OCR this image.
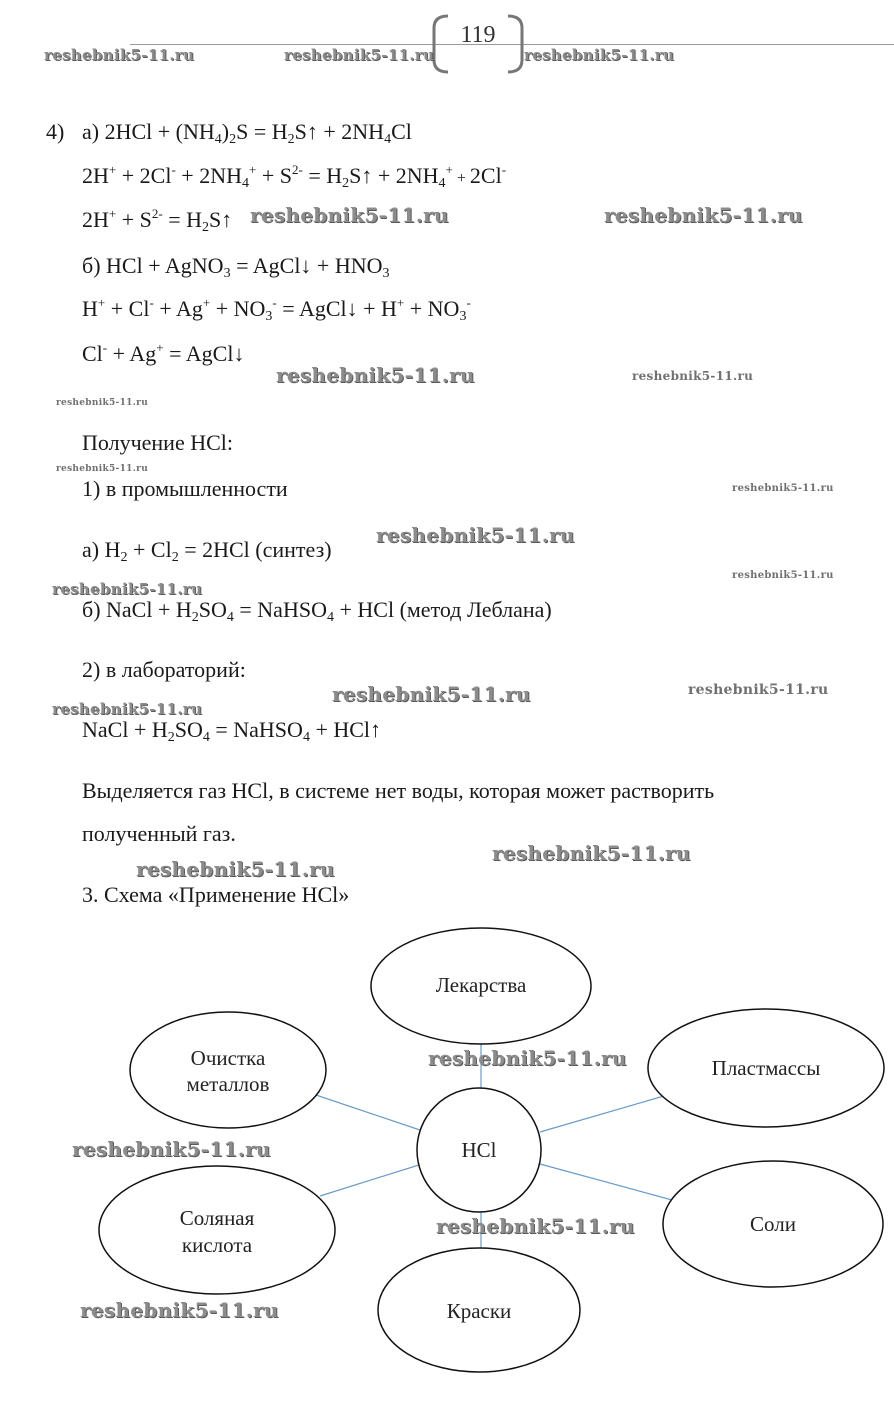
119
reshebnik5-11.ru	reshebnik5-11.ru	reshebnik5-11.ru
4) а) $2HCl + (NH_4)_2S$ = $H_2S↑ + 2NH_4Cl$
$2H^+ + 2Cl^- + 2NH_4^+ + S^{2-}$ = $H_2S↑ + 2NH_4^+ + 2Cl^-$
$2H^+ + S^{2-}$ = $H_2S↑$
б) HCl + AgNO$_3$ = AgCl↓ + $HNO_3$
$H^+ + Cl^- + Ag^+ + NO_3^-$ = AgCl↓ + $H^+ + NO_3^-$
Cl- + Ag+ = AgCl↓
reshebnik5-11.ru	reshebnik5-11.ru
reshebnik5-11.ru	reshebnik5-11.ru
reshebnik5-11.ru
Получение HCl:
reshebnik5-11.ru
1) в промышленности	reshebnik5-11.ru
а) $H_2 + Cl_2 = 2HCl$ (синтез)
reshebnik5-11.ru
reshebnik5-11.ru
reshebnik5-11.ru
б) NaCl + $H_2SO_4$ = NaHSO$_4$ + HCl (метод Леблана)
2) в лабораторий:
reshebnik5-11.ru	reshebnik5-11.ru
reshebnik5-11.ru
NaCl + $H_2SO_4$ = NaHSO$_4$ + HCl↑
Выделяется газ HCl, в системе нет воды, которая может растворить
полученный газ.
reshebnik5-11.ru
reshebnik5-11.ru
3. Схема «Применение HCl»
Лекарства
Очистка
металлов
Пластмассы
HCl
Соляная
кислота
Соли
Краски
reshebnik5-11.ru
reshebnik5-11.ru
reshebnik5-11.ru
reshebnik5-11.ru
